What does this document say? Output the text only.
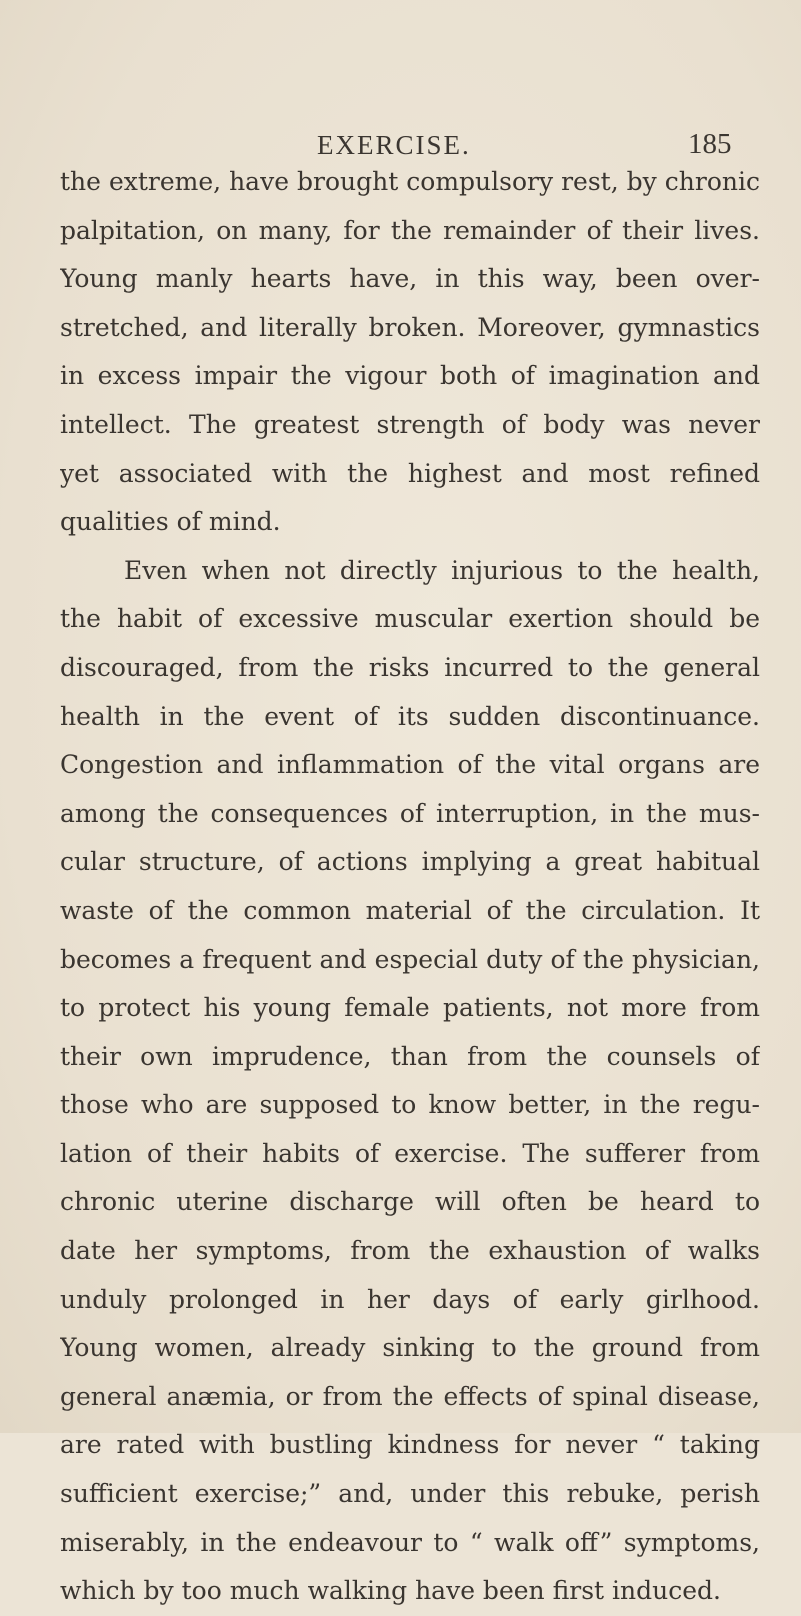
EXERCISE.	185
the extreme, have brought compulsory rest, by chronic
palpitation, on many, for the remainder of their lives.
Young manly hearts have, in this way, been over-
stretched, and literally broken. Moreover, gymnastics
in excess impair the vigour both of imagination and
intellect. The greatest strength of body was never
yet associated with the highest and most refined
qualities of mind.
Even when not directly injurious to the health,
the habit of excessive muscular exertion should be
discouraged, from the risks incurred to the general
health in the event of its sudden discontinuance.
Congestion and inflammation of the vital organs are
among the consequences of interruption, in the mus-
cular structure, of actions implying a great habitual
waste of the common material of the circulation. It
becomes a frequent and especial duty of the physician,
to protect his young female patients, not more from
their own imprudence, than from the counsels of
those who are supposed to know better, in the regu-
lation of their habits of exercise. The sufferer from
chronic uterine discharge will often be heard to
date her symptoms, from the exhaustion of walks
unduly prolonged in her days of early girlhood.
Young women, already sinking to the ground from
general anæmia, or from the effects of spinal disease,
are rated with bustling kindness for never “ taking
sufficient exercise;” and, under this rebuke, perish
miserably, in the endeavour to “ walk off” symptoms,
which by too much walking have been first induced.
